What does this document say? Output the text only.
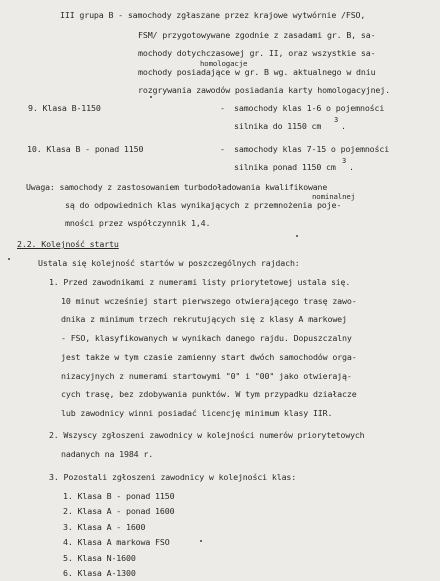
III grupa B - samochody zgłaszane przez krajowe wytwórnie /FSO,
FSM/ przygotowywane zgodnie z zasadami gr. B, sa-
mochody dotychczasowej gr. II, oraz wszystkie sa-
homologacje
mochody posiadające w gr. B wg. aktualnego w dniu
rozgrywania zawodów posiadania karty homologacyjnej.
9. Klasa B-1150	- samochody klas 1-6 o pojemności
silnika do 1150 cm
3
.
10. Klasa B - ponad 1150	- samochody klas 7-15 o pojemności
silnika ponad 1150 cm
3
.
Uwaga: samochody z zastosowaniem turbodoładowania kwalifikowane
nominalnej
są do odpowiednich klas wynikających z przemnożenia poje-
mności przez współczynnik 1,4.
2.2. Kolejność startu
Ustala się kolejność startów w poszczególnych rajdach:
1. Przed zawodnikami z numerami listy priorytetowej ustala się.
10 minut wcześniej start pierwszego otwierającego trasę zawo-
dnika z minimum trzech rekrutujących się z klasy A markowej
- FSO, klasyfikowanych w wynikach danego rajdu. Dopuszczalny
jest także w tym czasie zamienny start dwóch samochodów orga-
nizacyjnych z numerami startowymi "0" i "00" jako otwierają-
cych trasę, bez zdobywania punktów. W tym przypadku działacze
lub zawodnicy winni posiadać licencję minimum klasy IIR.
2. Wszyscy zgłoszeni zawodnicy w kolejności numerów priorytetowych
nadanych na 1984 r.
3. Pozostali zgłoszeni zawodnicy w kolejności klas:
1. Klasa B - ponad 1150
2. Klasa A - ponad 1600
3. Klasa A - 1600
4. Klasa A markowa FSO
5. Klasa N-1600
6. Klasa A-1300
